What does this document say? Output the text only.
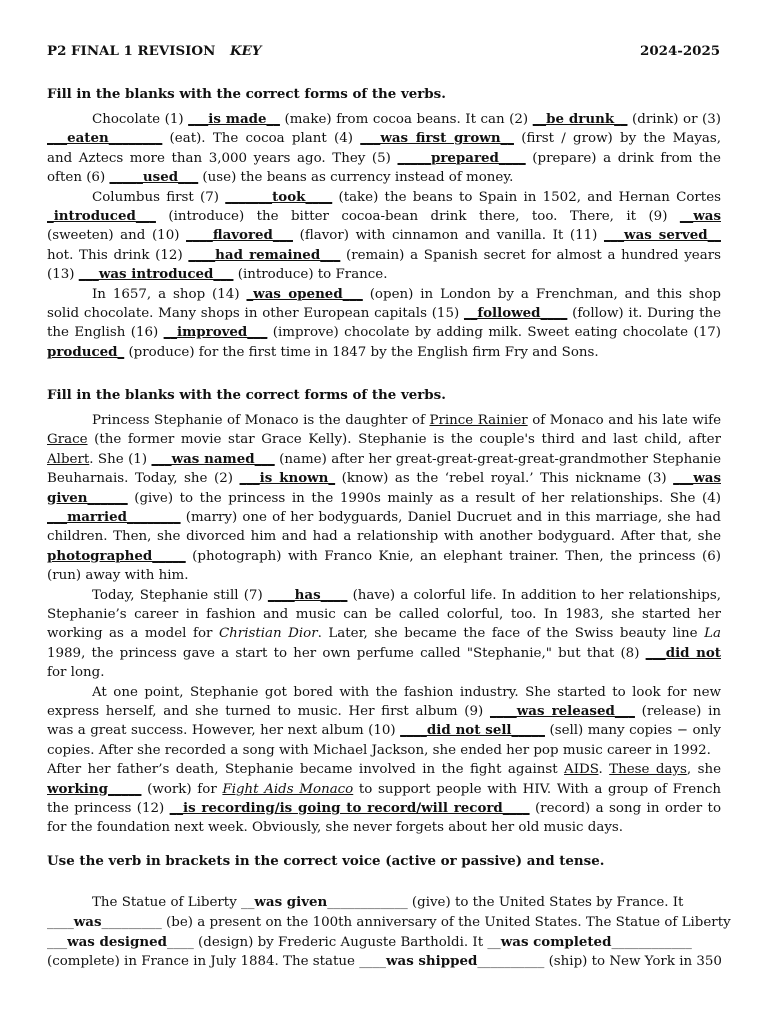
P2 FINAL 1 REVISION KEY	2024-2025
Fill in the blanks with the correct forms of the verbs.
Chocolate (1) ___is made__ (make) from cocoa beans. It can (2) __be drunk__ (drink) or (3)
___eaten________ (eat). The cocoa plant (4) ___was first grown__ (first / grow) by the Mayas,
and Aztecs more than 3,000 years ago. They (5) _____prepared____ (prepare) a drink from the
often (6) _____used___ (use) the beans as currency instead of money.
Columbus first (7) _______took____ (take) the beans to Spain in 1502, and Hernan Cortes
_introduced___ (introduce) the bitter cocoa-bean drink there, too. There, it (9) __was
(sweeten) and (10) ____flavored___ (flavor) with cinnamon and vanilla. It (11) ___was served__
hot. This drink (12) ____had remained___ (remain) a Spanish secret for almost a hundred years
(13) ___was introduced___ (introduce) to France.
In 1657, a shop (14) _was opened___ (open) in London by a Frenchman, and this shop
solid chocolate. Many shops in other European capitals (15) __followed____ (follow) it. During the
the English (16) __improved___ (improve) chocolate by adding milk. Sweet eating chocolate (17)
produced_ (produce) for the first time in 1847 by the English firm Fry and Sons.
Fill in the blanks with the correct forms of the verbs.
Princess Stephanie of Monaco is the daughter of Prince Rainier of Monaco and his late wife
Grace (the former movie star Grace Kelly). Stephanie is the couple's third and last child, after
Albert. She (1) ___was named___ (name) after her great-great-great-great-grandmother Stephanie
Beuharnais. Today, she (2) ___is known_ (know) as the ‘rebel royal.’ This nickname (3) ___was
given______ (give) to the princess in the 1990s mainly as a result of her relationships. She (4)
___married________ (marry) one of her bodyguards, Daniel Ducruet and in this marriage, she had
children. Then, she divorced him and had a relationship with another bodyguard. After that, she
photographed_____ (photograph) with Franco Knie, an elephant trainer. Then, the princess (6)
(run) away with him.
Today, Stephanie still (7) ____has____ (have) a colorful life. In addition to her relationships,
Stephanie’s career in fashion and music can be called colorful, too. In 1983, she started her
working as a model for Christian Dior. Later, she became the face of the Swiss beauty line La
1989, the princess gave a start to her own perfume called "Stephanie," but that (8) ___did not
for long.
At one point, Stephanie got bored with the fashion industry. She started to look for new
express herself, and she turned to music. Her first album (9) ____was released___ (release) in
was a great success. However, her next album (10) ____did not sell_____ (sell) many copies − only
copies. After she recorded a song with Michael Jackson, she ended her pop music career in 1992.
After her father’s death, Stephanie became involved in the fight against AIDS. These days, she
working_____ (work) for Fight Aids Monaco to support people with HIV. With a group of French
the princess (12) __is recording/is going to record/will record____ (record) a song in order to
for the foundation next week. Obviously, she never forgets about her old music days.
Use the verb in brackets in the correct voice (active or passive) and tense.
The Statue of Liberty __was given____________ (give) to the United States by France. It
____was_________ (be) a present on the 100th anniversary of the United States. The Statue of Liberty
___was designed____ (design) by Frederic Auguste Bartholdi. It __was completed____________
(complete) in France in July 1884. The statue ____was shipped__________ (ship) to New York in 350
